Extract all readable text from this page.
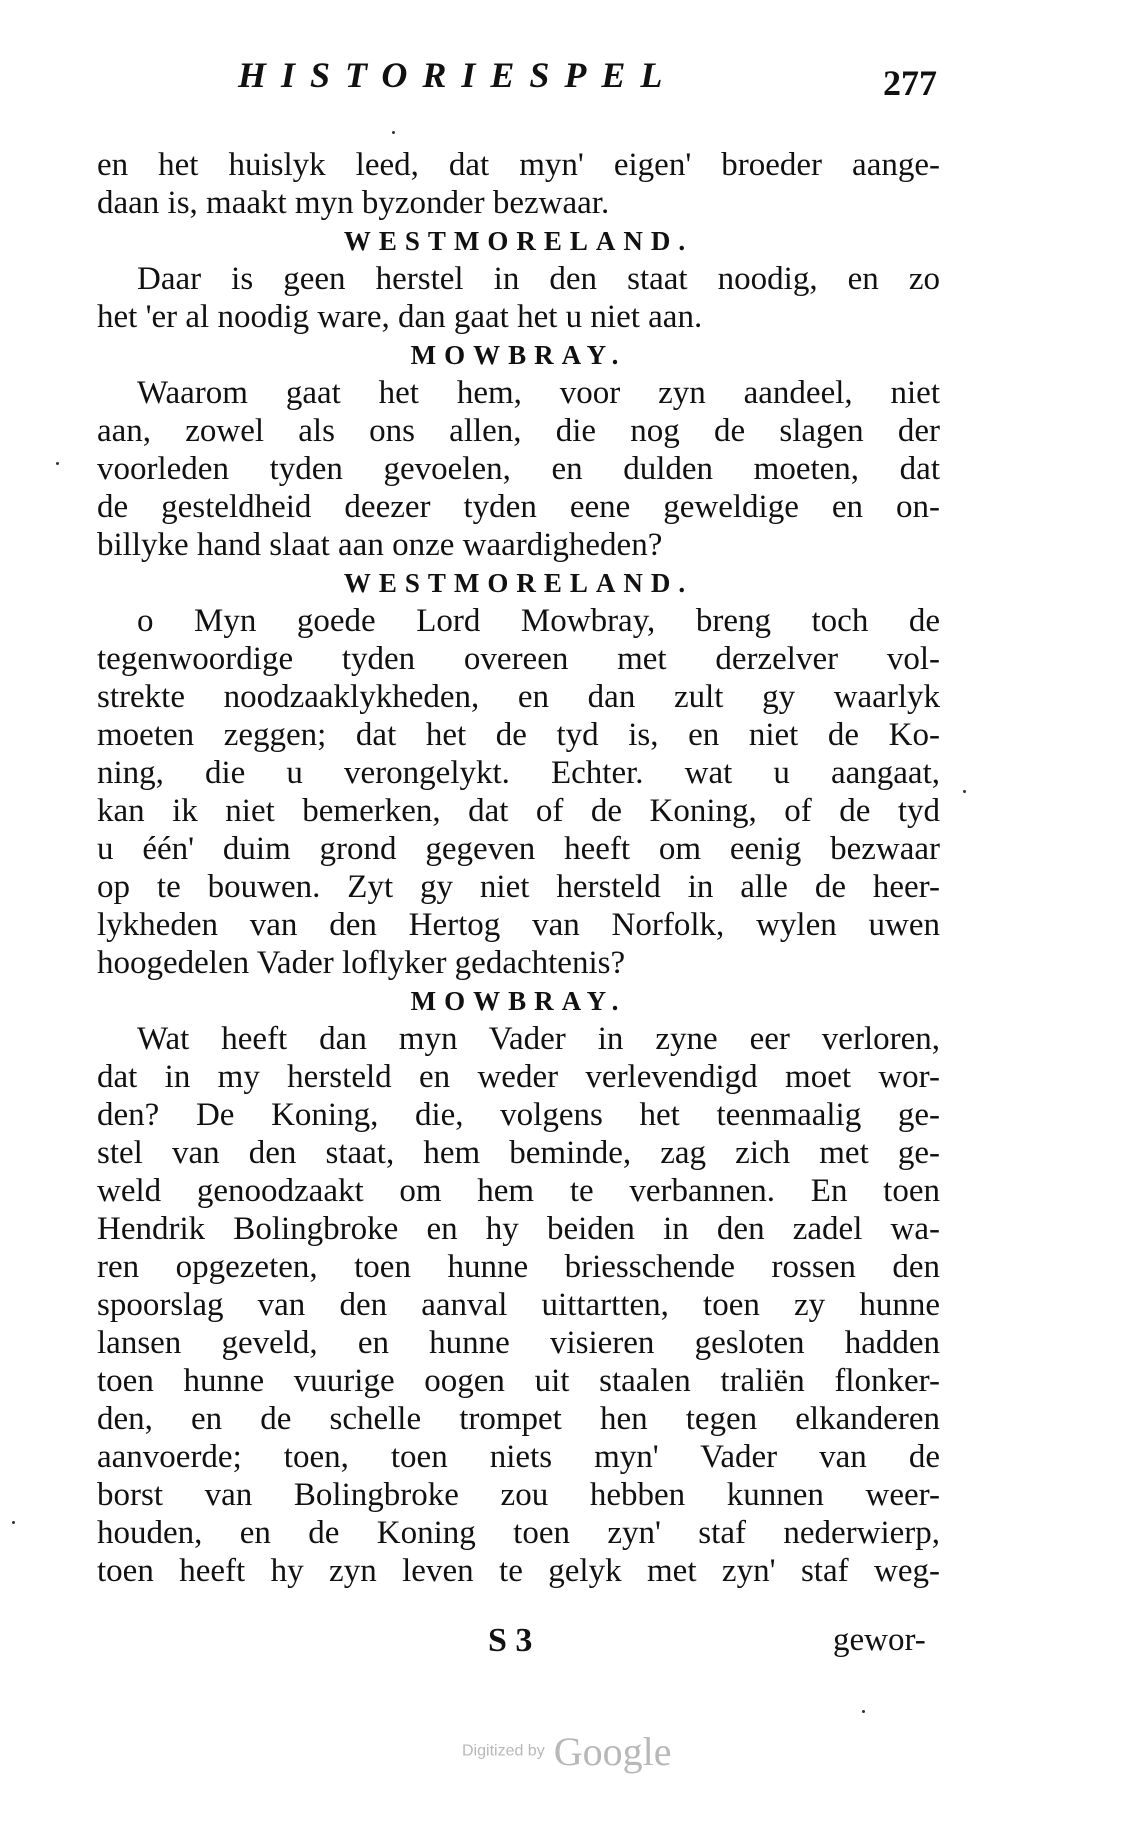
HISTORIESPEL	277
en het huislyk leed, dat myn' eigen' broeder aange-
daan is, maakt myn byzonder bezwaar.
WESTMORELAND.
Daar is geen herstel in den staat noodig, en zo
het 'er al noodig ware, dan gaat het u niet aan.
MOWBRAY.
Waarom gaat het hem, voor zyn aandeel, niet
aan, zowel als ons allen, die nog de slagen der
voorleden tyden gevoelen, en dulden moeten, dat
de gesteldheid deezer tyden eene geweldige en on-
billyke hand slaat aan onze waardigheden?
WESTMORELAND.
o Myn goede Lord Mowbray, breng toch de
tegenwoordige tyden overeen met derzelver vol-
strekte noodzaaklykheden, en dan zult gy waarlyk
moeten zeggen; dat het de tyd is, en niet de Ko-
ning, die u verongelykt. Echter. wat u aangaat,
kan ik niet bemerken, dat of de Koning, of de tyd
u één' duim grond gegeven heeft om eenig bezwaar
op te bouwen. Zyt gy niet hersteld in alle de heer-
lykheden van den Hertog van Norfolk, wylen uwen
hoogedelen Vader loflyker gedachtenis?
MOWBRAY.
Wat heeft dan myn Vader in zyne eer verloren,
dat in my hersteld en weder verlevendigd moet wor-
den? De Koning, die, volgens het teenmaalig ge-
stel van den staat, hem beminde, zag zich met ge-
weld genoodzaakt om hem te verbannen. En toen
Hendrik Bolingbroke en hy beiden in den zadel wa-
ren opgezeten, toen hunne briesschende rossen den
spoorslag van den aanval uittartten, toen zy hunne
lansen geveld, en hunne visieren gesloten hadden
toen hunne vuurige oogen uit staalen traliën flonker-
den, en de schelle trompet hen tegen elkanderen
aanvoerde; toen, toen niets myn' Vader van de
borst van Bolingbroke zou hebben kunnen weer-
houden, en de Koning toen zyn' staf nederwierp,
toen heeft hy zyn leven te gelyk met zyn' staf weg-
S 3	gewor-
Digitized by Google
